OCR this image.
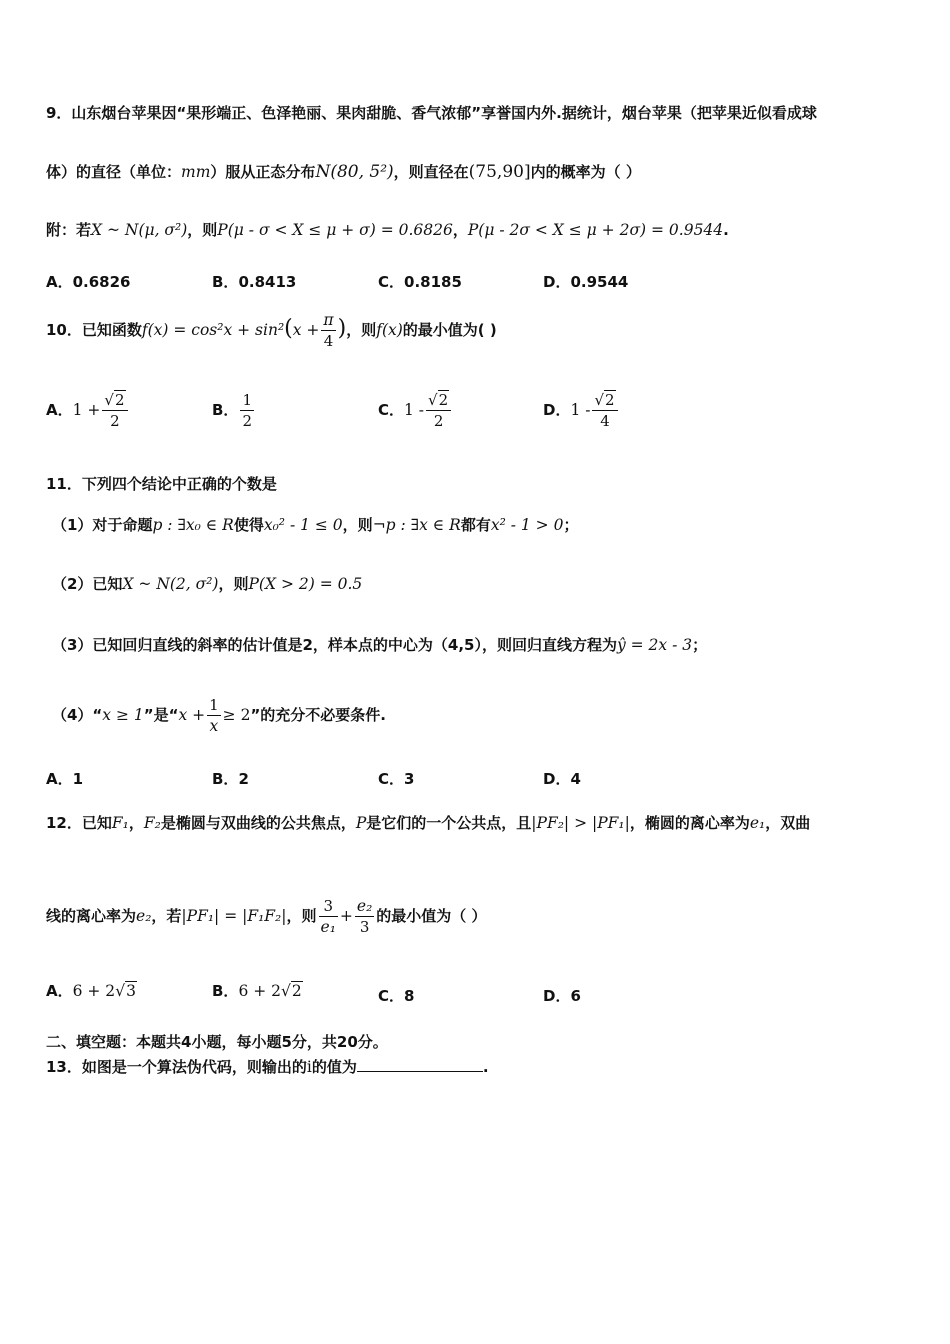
9．山东烟台苹果因“果形端正、色泽艳丽、果肉甜脆、香气浓郁”享誉国内外.据统计，烟台苹果（把苹果近似看成球
体）的直径（单位：mm）服从正态分布N(80, 5²)，则直径在(75,90]内的概率为（ ）
附：若X ~ N(μ, σ²)，则P(μ - σ < X ≤ μ + σ) = 0.6826，P(μ - 2σ < X ≤ μ + 2σ) = 0.9544.
A．0.6826	B．0.8413	C．0.8185	D．0.9544
10．已知函数$f(x) = \cos^2x + \sin^2(x + \frac{\pi}{4}$ )，则f(x)的最小值为( )
A．$1 + \frac{√2}{2}$	B． $\frac{1}{2}$	C．$1 - \frac{√2}{2}$	D．$1 - \frac{√2}{4}$
11．下列四个结论中正确的个数是
（1）对于命题p : ∃x₀ ∈ R使得x₀² - 1 ≤ 0，则¬p : ∃x ∈ R都有x² - 1 > 0；
（2）已知X ~ N(2, σ²)，则P(X > 2) = 0.5
（3）已知回归直线的斜率的估计值是2，样本点的中心为（4,5），则回归直线方程为ŷ = 2x - 3；
（4）“x ≥ 1”是“$x + \frac{1}{x} \ge 2$”的充分不必要条件.
A．1	B．2	C．3	D．4
12．已知F₁，F₂是椭圆与双曲线的公共焦点，P是它们的一个公共点，且|PF₂| > |PF₁|，椭圆的离心率为e₁，双曲
线的离心率为e₂，若|PF₁| = |F₁F₂|，则 $\frac{3}{\text{e₁}} + \frac{\text{e₂}}{3}$ 的最小值为（ ）
A．6 + 2√3	B．6 + 2√2	C．8	D．6
二、填空题：本题共4小题，每小题5分，共20分。
13．如图是一个算法伪代码，则输出的i的值为	.
